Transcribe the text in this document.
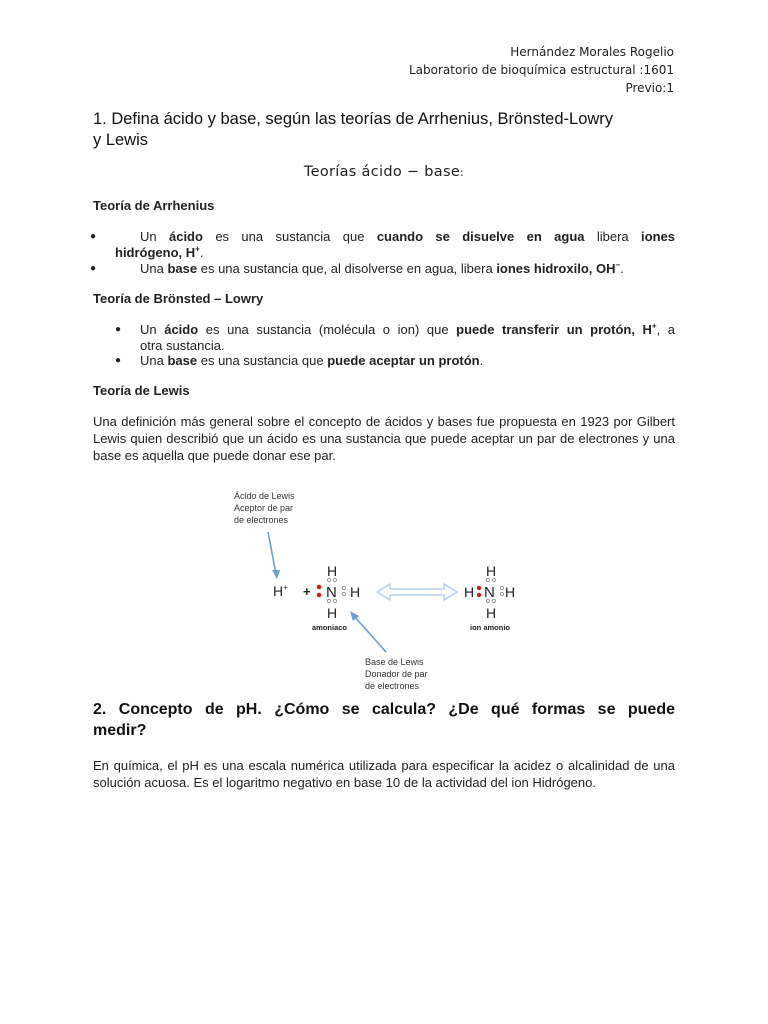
Hernández Morales Rogelio
Laboratorio de bioquímica estructural :1601
Previo:1
1. Defina ácido y base, según las teorías de Arrhenius, Brönsted-Lowry
y Lewis
Teorías ácido − base:
Teoría de Arrhenius
●	Un ácido es una sustancia que cuando se disuelve en agua libera iones
hidrógeno, H+.
●	Una base es una sustancia que, al disolverse en agua, libera iones hidroxilo, OH−.
Teoría de Brönsted – Lowry
● Un ácido es una sustancia (molécula o ion) que puede transferir un protón, H+, a
otra sustancia.
● Una base es una sustancia que puede aceptar un protón.
Teoría de Lewis
Una definición más general sobre el concepto de ácidos y bases fue propuesta en 1923 por Gilbert Lewis quien describió que un ácido es una sustancia que puede aceptar un par de electrones y una base es aquella que puede donar ese par.
Ácido de Lewis
Aceptor de par
de electrones
H+ +
H
N H
H
amoniaco
H
H N H
H
ion amonio
Base de Lewis
Donador de par
de electrones
2. Concepto de pH. ¿Cómo se calcula? ¿De qué formas se puede
medir?
En química, el pH es una escala numérica utilizada para especificar la acidez o alcalinidad de una solución acuosa. Es el logaritmo negativo en base 10 de la actividad del ion Hidrógeno.
